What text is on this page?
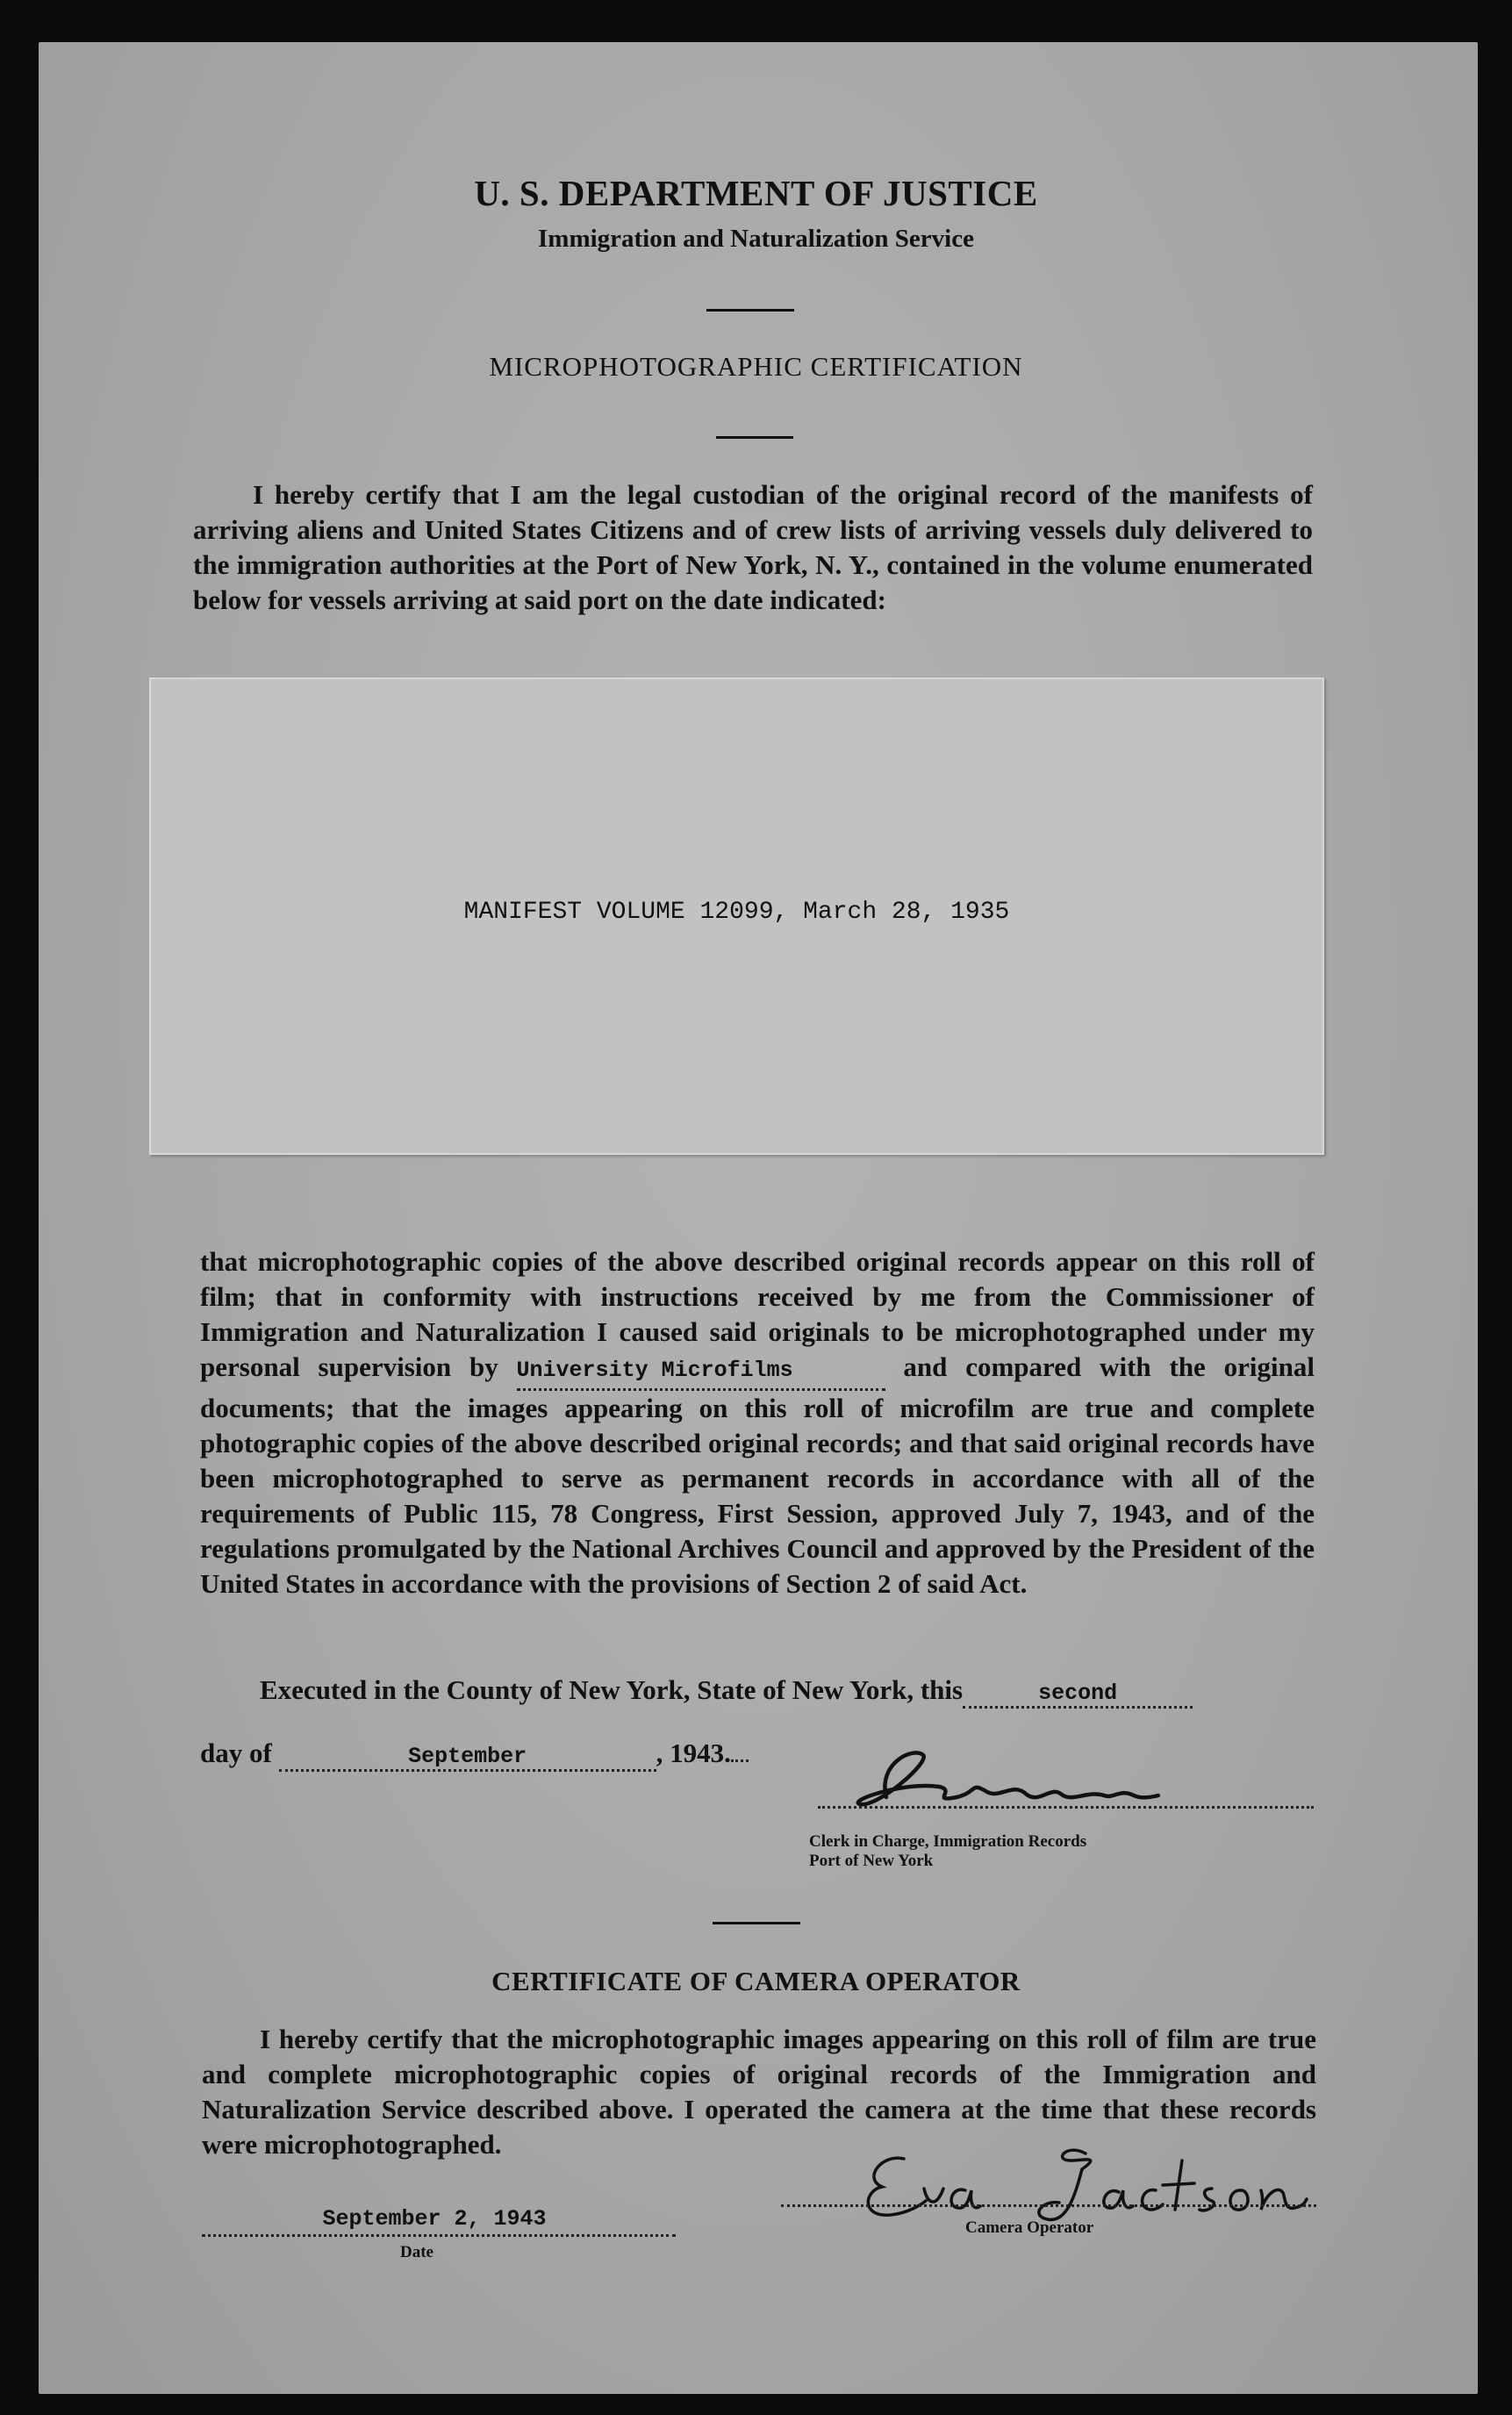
U. S. DEPARTMENT OF JUSTICE
Immigration and Naturalization Service
MICROPHOTOGRAPHIC CERTIFICATION
I hereby certify that I am the legal custodian of the original record of the manifests of arriving aliens and United States Citizens and of crew lists of arriving vessels duly delivered to the immigration authorities at the Port of New York, N. Y., contained in the volume enumerated below for vessels arriving at said port on the date indicated:
MANIFEST VOLUME 12099, March 28, 1935
that microphotographic copies of the above described original records appear on this roll of film; that in conformity with instructions received by me from the Commissioner of Immigration and Naturalization I caused said originals to be microphotographed under my personal supervision by University Microfilms	and compared with the original documents; that the images appearing on this roll of microfilm are true and complete photographic copies of the above described original records; and that said original records have been microphotographed to serve as permanent records in accordance with all of the requirements of Public 115, 78 Congress, First Session, approved July 7, 1943, and of the regulations promulgated by the National Archives Council and approved by the President of the United States in accordance with the provisions of Section 2 of said Act.
Executed in the County of New York, State of New York, this	second
day of	September	, 1943.
Clerk in Charge, Immigration Records
Port of New York
CERTIFICATE OF CAMERA OPERATOR
I hereby certify that the microphotographic images appearing on this roll of film are true and complete microphotographic copies of original records of the Immigration and Naturalization Service described above. I operated the camera at the time that these records were microphotographed.
September 2, 1943
Date
Camera Operator
